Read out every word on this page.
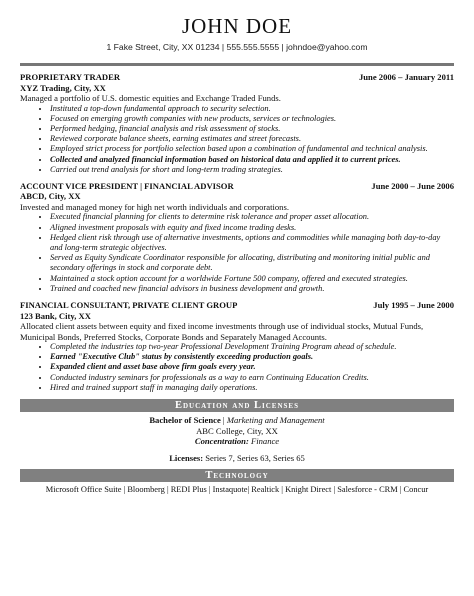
JOHN DOE
1 Fake Street, City, XX 01234 | 555.555.5555 | johndoe@yahoo.com
PROPRIETARY TRADER	June 2006 – January 2011
XYZ Trading, City, XX
Managed a portfolio of U.S. domestic equities and Exchange Traded Funds.
• Instituted a top-down fundamental approach to security selection.
• Focused on emerging growth companies with new products, services or technologies.
• Performed hedging, financial analysis and risk assessment of stocks.
• Reviewed corporate balance sheets, earning estimates and street forecasts.
• Employed strict process for portfolio selection based upon a combination of fundamental and technical analysis.
• Collected and analyzed financial information based on historical data and applied it to current prices.
• Carried out trend analysis for short and long-term trading strategies.
ACCOUNT VICE PRESIDENT | FINANCIAL ADVISOR	June 2000 – June 2006
ABCD, City, XX
Invested and managed money for high net worth individuals and corporations.
• Executed financial planning for clients to determine risk tolerance and proper asset allocation.
• Aligned investment proposals with equity and fixed income trading desks.
• Hedged client risk through use of alternative investments, options and commodities while managing both day-to-day and long-term strategic objectives.
• Served as Equity Syndicate Coordinator responsible for allocating, distributing and monitoring initial public and secondary offerings in stock and corporate debt.
• Maintained a stock option account for a worldwide Fortune 500 company, offered and executed strategies.
• Trained and coached new financial advisors in business development and growth.
FINANCIAL CONSULTANT, PRIVATE CLIENT GROUP	July 1995 – June 2000
123 Bank, City, XX
Allocated client assets between equity and fixed income investments through use of individual stocks, Mutual Funds, Municipal Bonds, Preferred Stocks, Corporate Bonds and Separately Managed Accounts.
• Completed the industries top two-year Professional Development Training Program ahead of schedule.
• Earned "Executive Club" status by consistently exceeding production goals.
• Expanded client and asset base above firm goals every year.
• Conducted industry seminars for professionals as a way to earn Continuing Education Credits.
• Hired and trained support staff in managing daily operations.
Education and Licenses
Bachelor of Science | Marketing and Management
ABC College, City, XX
Concentration: Finance
Licenses: Series 7, Series 63, Series 65
Technology
Microsoft Office Suite | Bloomberg | REDI Plus | Instaquote| Realtick | Knight Direct | Salesforce - CRM | Concur
